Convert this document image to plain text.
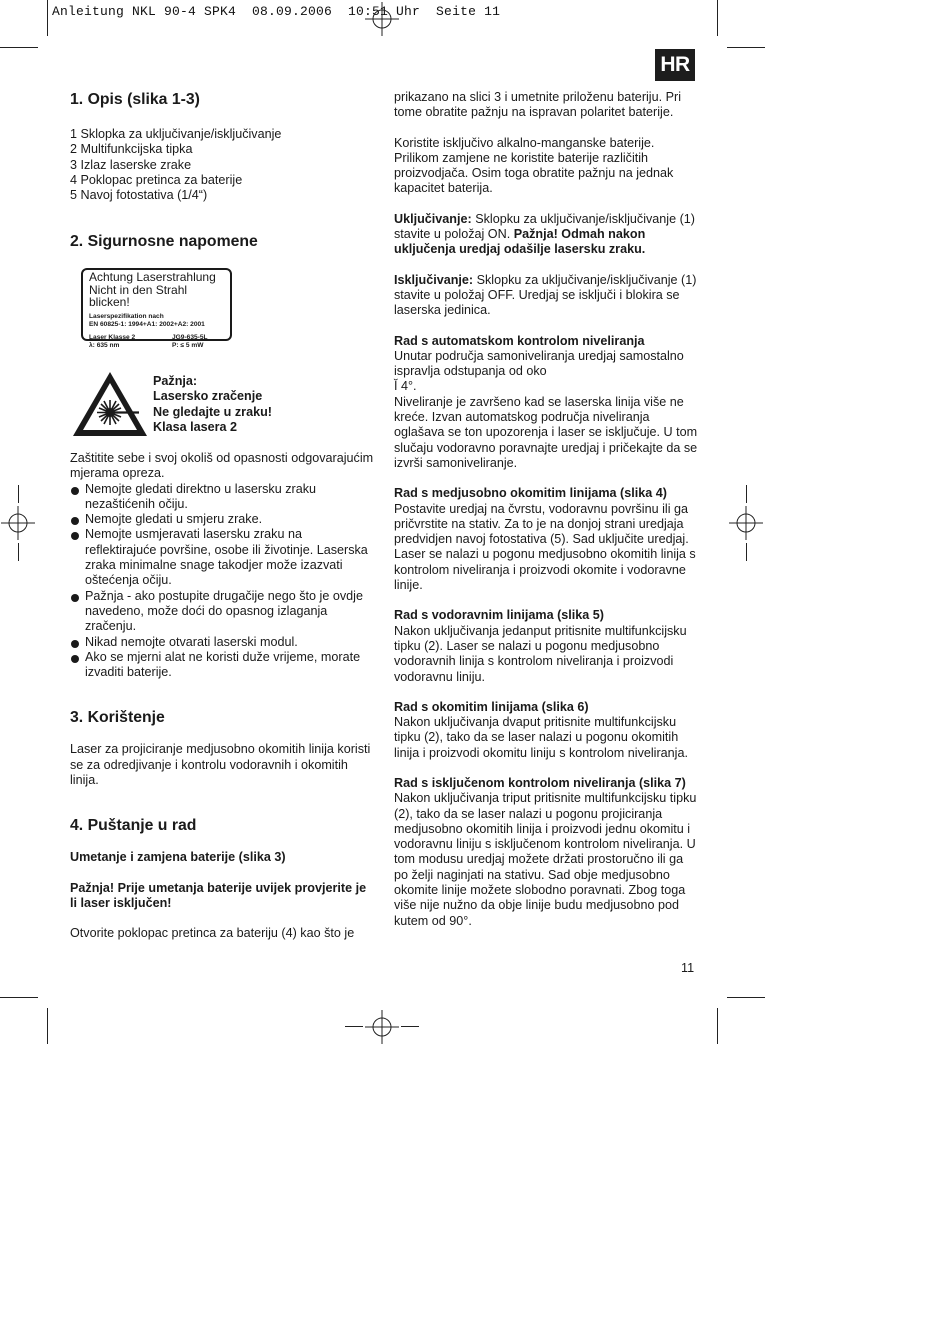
Anleitung NKL 90-4 SPK4  08.09.2006  10:51 Uhr  Seite 11
HR
1. Opis (slika 1-3)
1 Sklopka za uključivanje/isključivanje
2 Multifunkcijska tipka
3 Izlaz laserske zrake
4 Poklopac pretinca za baterije
5 Navoj fotostativa (1/4“)
2. Sigurnosne napomene
Achtung Laserstrahlung
Nicht in den Strahl blicken!
Laserspezifikation nach
EN 60825-1: 1994+A1: 2002+A2: 2001
Laser Klasse 2	JG9-635-5L
λ: 635 nm	P: ≤ 5 mW
Pažnja:
Lasersko zračenje
Ne gledajte u zraku!
Klasa lasera 2

Zaštitite sebe i svoj okoliš od opasnosti odgovarajućim mjerama opreza.

Nemojte gledati direktno u lasersku zraku nezaštićenih očiju.
Nemojte gledati u smjeru zrake.
Nemojte usmjeravati lasersku zraku na reflektirajuće površine, osobe ili životinje. Laserska zraka minimalne snage takodjer može izazvati oštećenja očiju.
Pažnja - ako postupite drugačije nego što je ovdje navedeno, može doći do opasnog izlaganja zračenju.
Nikad nemojte otvarati laserski modul.
Ako se mjerni alat ne koristi duže vrijeme, morate izvaditi baterije.
3. Korištenje

Laser za projiciranje medjusobno okomitih linija koristi se za odredjivanje i kontrolu vodoravnih i okomitih linija.

4. Puštanje u rad

Umetanje i zamjena baterije (slika 3)

Pažnja! Prije umetanja baterije uvijek provjerite je li laser isključen!

Otvorite poklopac pretinca za bateriju (4) kao što je

prikazano na slici 3 i umetnite priloženu bateriju. Pri tome obratite pažnju na ispravan polaritet baterije.

Koristite isključivo alkalno-manganske baterije. Prilikom zamjene ne koristite baterije različitih proizvodjača. Osim toga obratite pažnju na jednak kapacitet baterija.

Uključivanje: Sklopku za uključivanje/isključivanje (1) stavite u položaj ON. Pažnja! Odmah nakon uključenja uredjaj odašilje lasersku zraku.

Isključivanje: Sklopku za uključivanje/isključivanje (1) stavite u položaj OFF. Uredjaj se isključi i blokira se laserska jedinica.

Rad s automatskom kontrolom niveliranja

Unutar područja samoniveliranja uredjaj samostalno ispravlja odstupanja od oko

Ĭ 4°.

Niveliranje je završeno kad se laserska linija više ne kreće. Izvan automatskog područja niveliranja oglašava se ton upozorenja i laser se isključuje. U tom slučaju vodoravno poravnajte uredjaj i pričekajte da se izvrši samoniveliranje.

Rad s medjusobno okomitim linijama (slika 4)

Postavite uredjaj na čvrstu, vodoravnu površinu ili ga pričvrstite na stativ. Za to je na donjoj strani uredjaja predvidjen navoj fotostativa (5). Sad uključite uredjaj. Laser se nalazi u pogonu medjusobno okomitih linija s kontrolom niveliranja i proizvodi okomite i vodoravne linije.

Rad s vodoravnim linijama (slika 5)

Nakon uključivanja jedanput pritisnite multifunkcijsku tipku (2). Laser se nalazi u pogonu medjusobno vodoravnih linija s kontrolom niveliranja i proizvodi vodoravnu liniju.

Rad s okomitim linijama (slika 6)

Nakon uključivanja dvaput pritisnite multifunkcijsku tipku (2), tako da se laser nalazi u pogonu okomitih linija i proizvodi okomitu liniju s kontrolom niveliranja.

Rad s isključenom kontrolom niveliranja (slika 7)

Nakon uključivanja triput pritisnite multifunkcijsku tipku (2), tako da se laser nalazi u pogonu projiciranja medjusobno okomitih linija i proizvodi jednu okomitu i vodoravnu liniju s isključenom kontrolom niveliranja. U tom modusu uredjaj možete držati prostoručno ili ga po želji naginjati na stativu. Sad obje medjusobno okomite linije možete slobodno poravnati. Zbog toga više nije nužno da obje linije budu medjusobno pod kutem od 90°.

11
